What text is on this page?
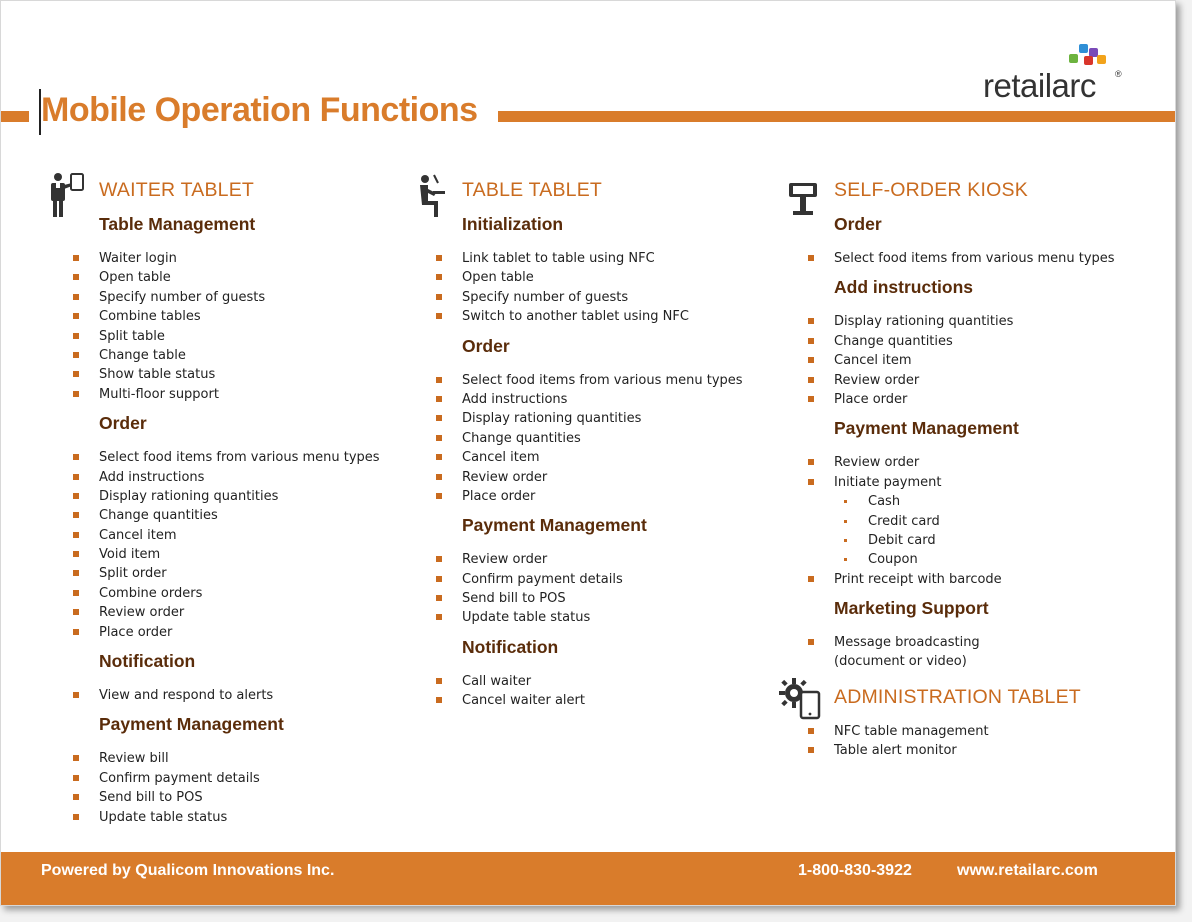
Mobile Operation Functions
retailarc ®
WAITER TABLET
Table Management
Waiter login
Open table
Specify number of guests
Combine tables
Split table
Change table
Show table status
Multi-floor support
Order
Select food items from various menu types
Add instructions
Display rationing quantities
Change quantities
Cancel item
Void item
Split order
Combine orders
Review order
Place order
Notification
View and respond to alerts
Payment Management
Review bill
Confirm payment details
Send bill to POS
Update table status
TABLE TABLET
Initialization
Link tablet to table using NFC
Open table
Specify number of guests
Switch to another tablet using NFC
Order
Select food items from various menu types
Add instructions
Display rationing quantities
Change quantities
Cancel item
Review order
Place order
Payment Management
Review order
Confirm payment details
Send bill to POS
Update table status
Notification
Call waiter
Cancel waiter alert
SELF-ORDER KIOSK
Order
Select food items from various menu types
Add instructions
Display rationing quantities
Change quantities
Cancel item
Review order
Place order
Payment Management
Review order
Initiate payment
Cash
Credit card
Debit card
Coupon
Print receipt with barcode
Marketing Support
Message broadcasting
(document or video)
ADMINISTRATION TABLET
NFC table management
Table alert monitor
Powered by Qualicom Innovations Inc.	1-800-830-3922	www.retailarc.com
